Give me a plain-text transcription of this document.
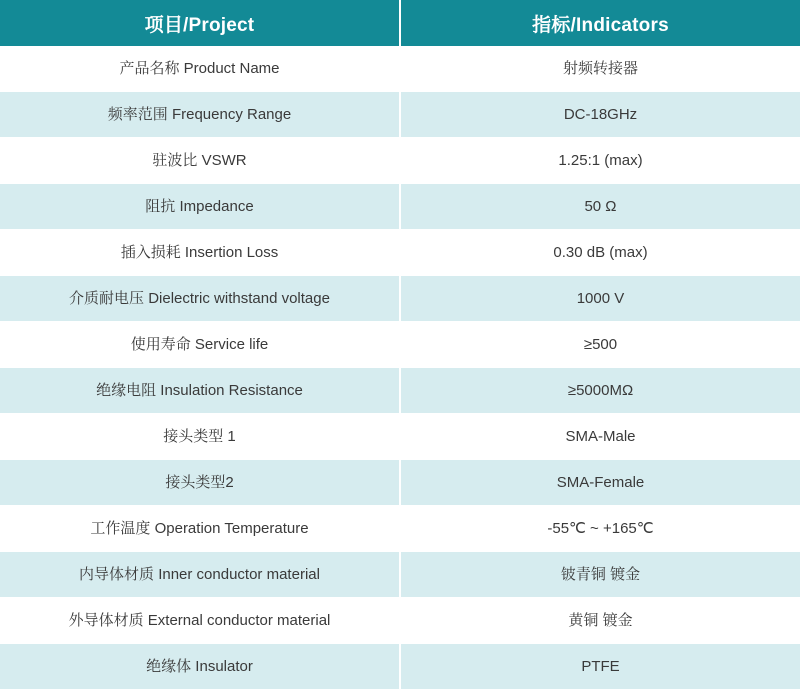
项目/Project	指标/Indicators
产品名称 Product Name	射频转接器
频率范围 Frequency Range	DC-18GHz
驻波比 VSWR	1.25:1 (max)
阻抗 Impedance	50 Ω
插入损耗 Insertion Loss	0.30 dB (max)
介质耐电压 Dielectric withstand voltage	1000 V
使用寿命 Service life	≥500
绝缘电阻 Insulation Resistance	≥5000MΩ
接头类型 1	SMA-Male
接头类型2	SMA-Female
工作温度 Operation Temperature	-55℃ ~ +165℃
内导体材质 Inner conductor material	铍青铜 镀金
外导体材质 External conductor material	黄铜 镀金
绝缘体 Insulator	PTFE
